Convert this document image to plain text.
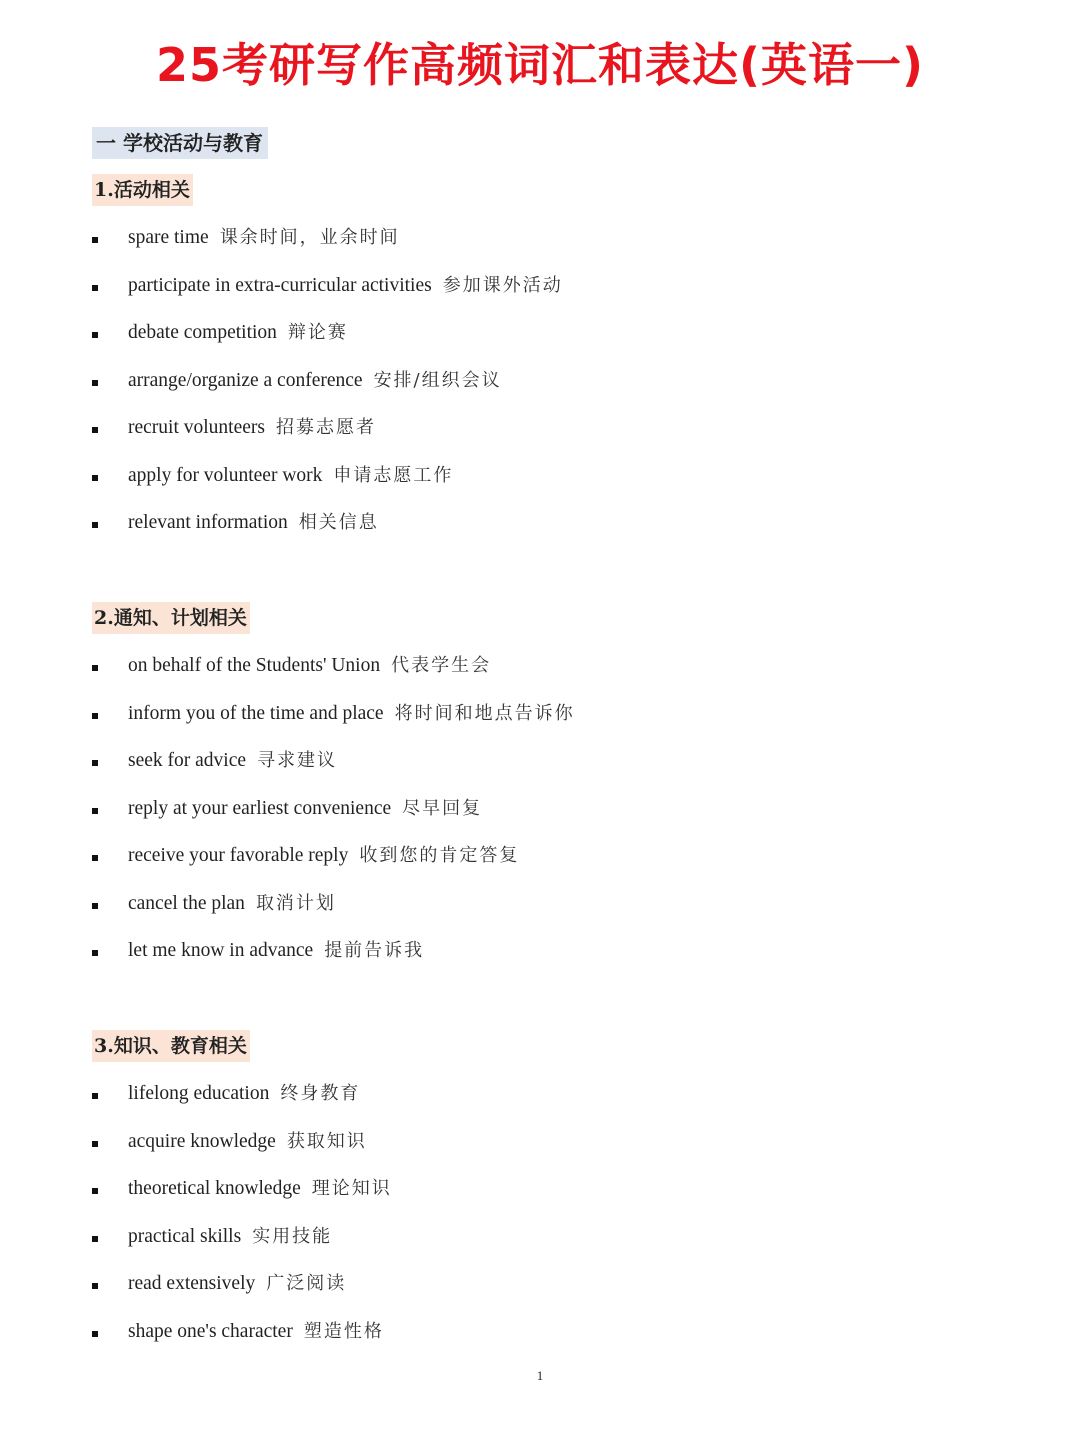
25考研写作高频词汇和表达(英语一)
一 学校活动与教育
1.活动相关
spare time 课余时间，业余时间
participate in extra-curricular activities 参加课外活动
debate competition 辩论赛
arrange/organize a conference 安排/组织会议
recruit volunteers 招募志愿者
apply for volunteer work 申请志愿工作
relevant information 相关信息
2.通知、计划相关
on behalf of the Students' Union 代表学生会
inform you of the time and place 将时间和地点告诉你
seek for advice 寻求建议
reply at your earliest convenience 尽早回复
receive your favorable reply 收到您的肯定答复
cancel the plan 取消计划
let me know in advance 提前告诉我
3.知识、教育相关
lifelong education 终身教育
acquire knowledge 获取知识
theoretical knowledge 理论知识
practical skills 实用技能
read extensively 广泛阅读
shape one's character 塑造性格
1
